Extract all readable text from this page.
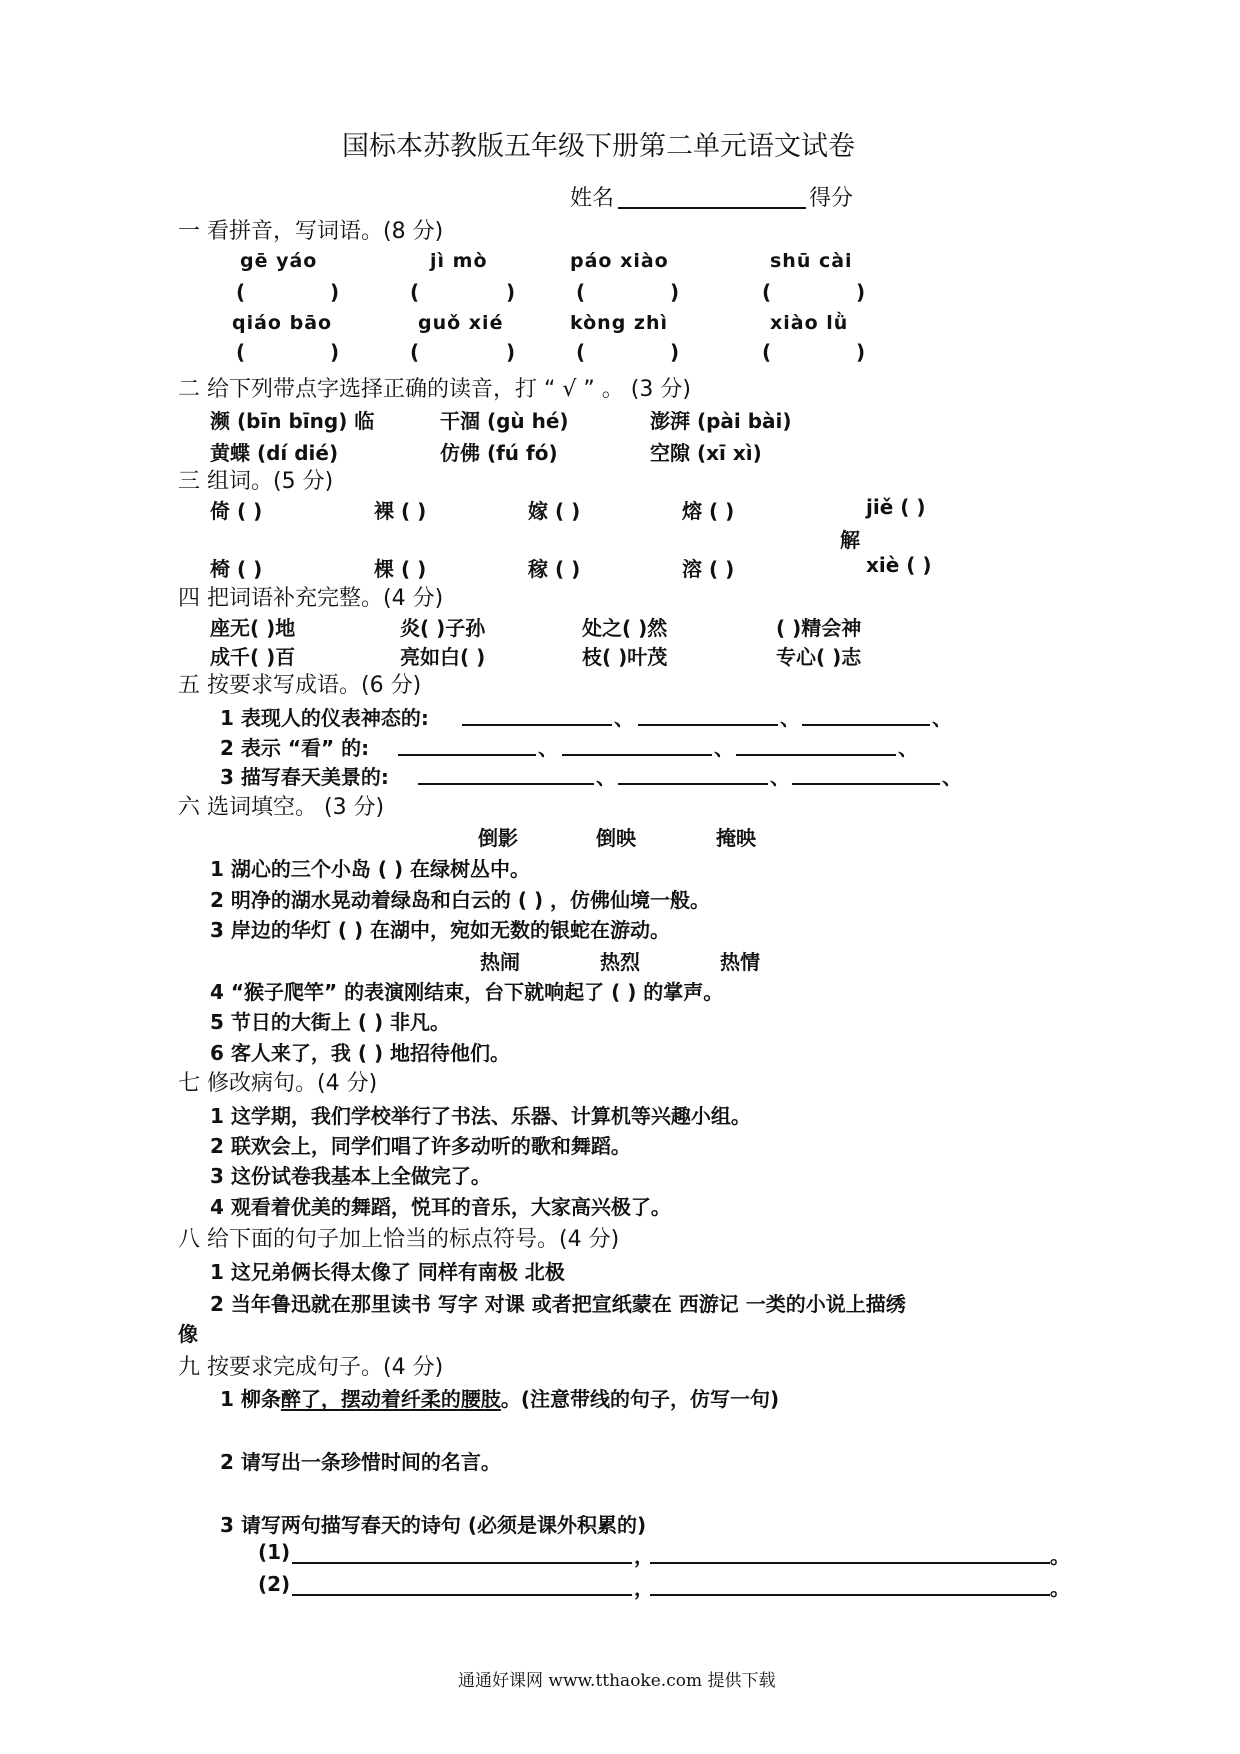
国标本苏教版五年级下册第二单元语文试卷
姓名	得分
一 看拼音，写词语。(8 分)
gē yáo	jì mò	páo xiào	shū cài
(	)	(	)	(	)	(	)
qiáo bāo	guǒ xié	kòng zhì	xiào lǜ
(	)	(	)	(	)	(	)
二 给下列带点字选择正确的读音，打 “ √ ” 。 (3 分)
濒 (bīn bīng) 临	干涸 (gù hé)	澎湃 (pài bài)
黄蝶 (dí dié)	仿佛 (fú fó)	空隙 (xī xì)
三 组词。(5 分)
倚 ( )	裸 ( )	嫁 ( )	熔 ( )	jiě ( )
解
椅 ( )	棵 ( )	稼 ( )	溶 ( )	xiè ( )
四 把词语补充完整。(4 分)
座无( )地	炎( )子孙	处之( )然	( )精会神
成千( )百	亮如白( )	枝( )叶茂	专心( )志
五 按要求写成语。(6 分)
1 表现人的仪表神态的:	、	、	、
2 表示 “看” 的:	、	、	、
3 描写春天美景的:	、	、	、
六 选词填空。 (3 分)
倒影	倒映	掩映
1 湖心的三个小岛 ( ) 在绿树丛中。
2 明净的湖水晃动着绿岛和白云的 ( ) ，仿佛仙境一般。
3 岸边的华灯 ( ) 在湖中，宛如无数的银蛇在游动。
热闹	热烈	热情
4 “猴子爬竿” 的表演刚结束，台下就响起了 ( ) 的掌声。
5 节日的大街上 ( ) 非凡。
6 客人来了，我 ( ) 地招待他们。
七 修改病句。(4 分)
1 这学期，我们学校举行了书法、乐器、计算机等兴趣小组。
2 联欢会上，同学们唱了许多动听的歌和舞蹈。
3 这份试卷我基本上全做完了。
4 观看着优美的舞蹈，悦耳的音乐，大家高兴极了。
八 给下面的句子加上恰当的标点符号。(4 分)
1 这兄弟俩长得太像了 同样有南极 北极
2 当年鲁迅就在那里读书 写字 对课 或者把宣纸蒙在 西游记 一类的小说上描绣
像
九 按要求完成句子。(4 分)
1 柳条醉了，摆动着纤柔的腰肢。(注意带线的句子，仿写一句)
2 请写出一条珍惜时间的名言。
3 请写两句描写春天的诗句 (必须是课外积累的)
(1)	，	。
(2)	，	。
通通好课网 www.tthaoke.com 提供下载
